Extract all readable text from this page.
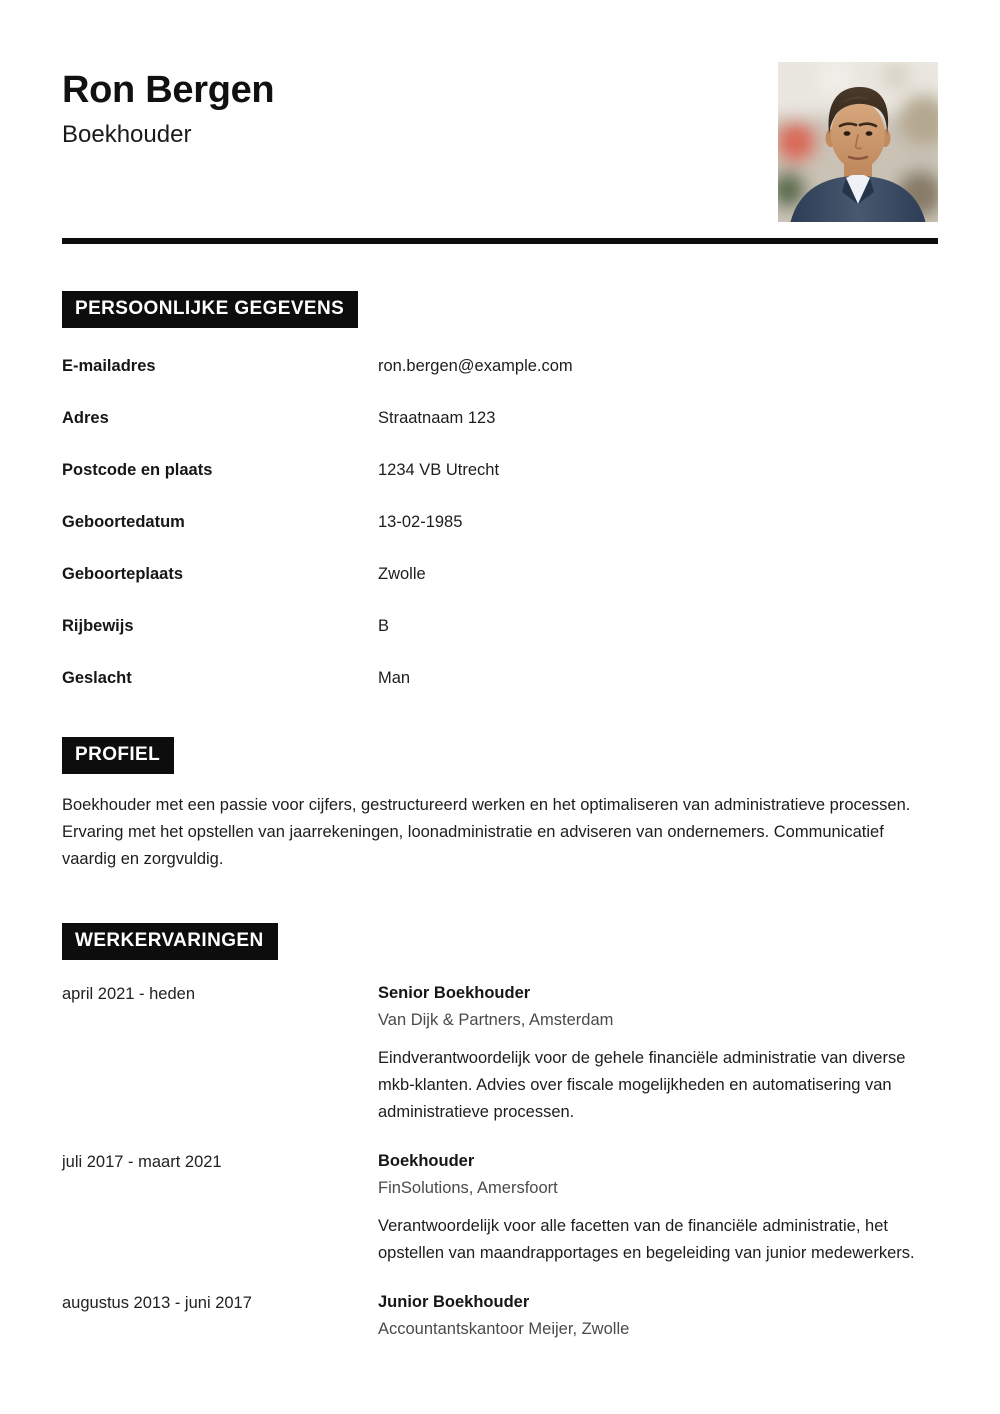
Ron Bergen
Boekhouder
PERSOONLIJKE GEGEVENS
E-mailadres	ron.bergen@example.com
Adres	Straatnaam 123
Postcode en plaats	1234 VB Utrecht
Geboortedatum	13-02-1985
Geboorteplaats	Zwolle
Rijbewijs	B
Geslacht	Man
PROFIEL

Boekhouder met een passie voor cijfers, gestructureerd werken en het optimaliseren van administratieve processen. Ervaring met het opstellen van jaarrekeningen, loonadministratie en adviseren van ondernemers. Communicatief vaardig en zorgvuldig.

WERKERVARINGEN
april 2021 - heden	Senior Boekhouder
Van Dijk & Partners, Amsterdam

Eindverantwoordelijk voor de gehele financiële administratie van diverse mkb-klanten. Advies over fiscale mogelijkheden en automatisering van administratieve processen.

juli 2017 - maart 2021	Boekhouder
FinSolutions, Amersfoort

Verantwoordelijk voor alle facetten van de financiële administratie, het opstellen van maandrapportages en begeleiding van junior medewerkers.

augustus 2013 - juni 2017	Junior Boekhouder
Accountantskantoor Meijer, Zwolle
